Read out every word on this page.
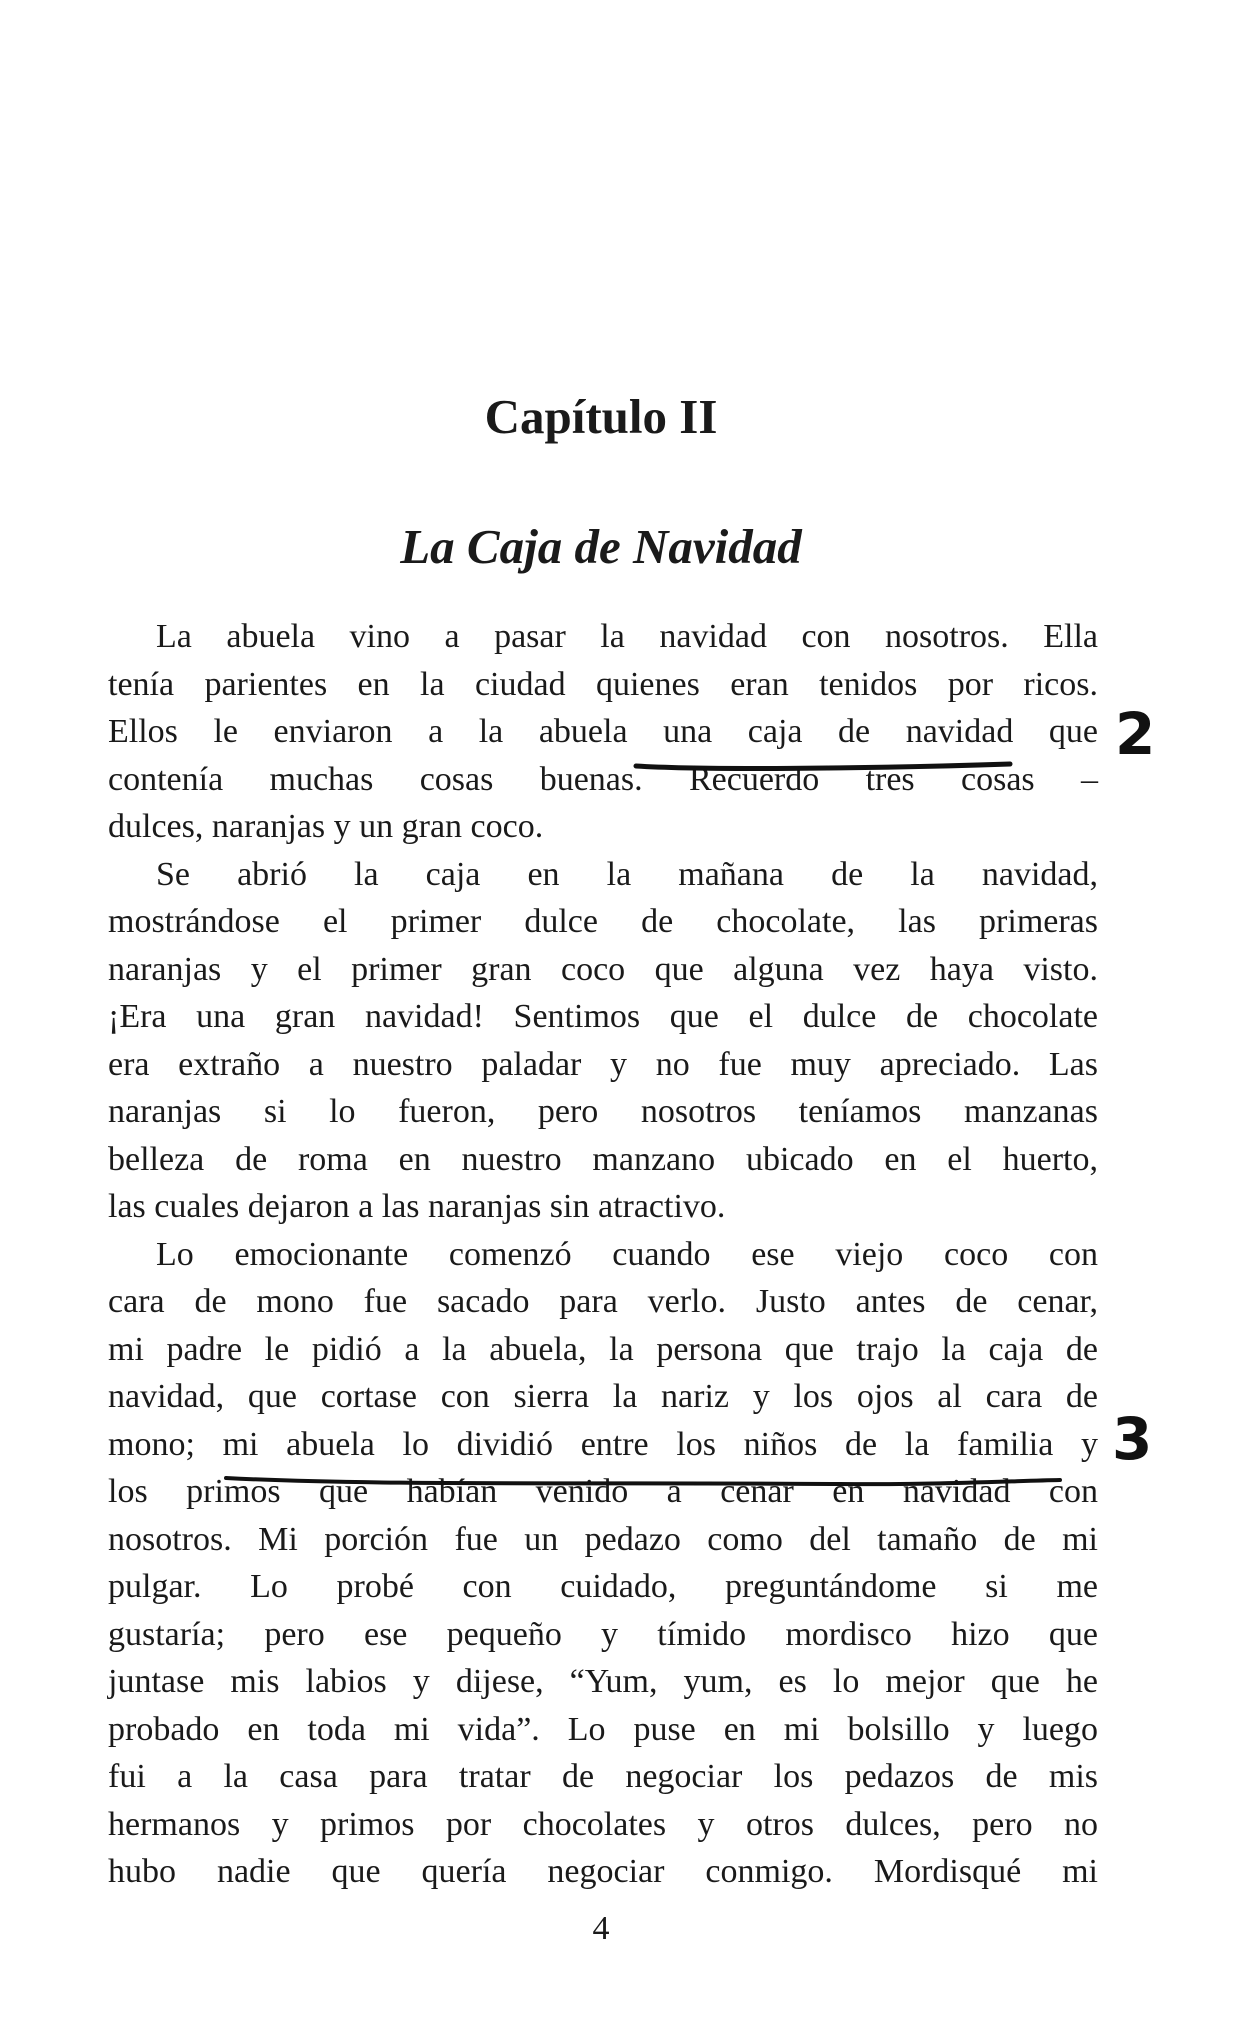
Capítulo II
La Caja de Navidad
La abuela vino a pasar la navidad con nosotros. Ella
tenía parientes en la ciudad quienes eran tenidos por ricos.
Ellos le enviaron a la abuela una caja de navidad que
contenía muchas cosas buenas. Recuerdo tres cosas –
dulces, naranjas y un gran coco.
Se abrió la caja en la mañana de la navidad,
mostrándose el primer dulce de chocolate, las primeras
naranjas y el primer gran coco que alguna vez haya visto.
¡Era una gran navidad! Sentimos que el dulce de chocolate
era extraño a nuestro paladar y no fue muy apreciado. Las
naranjas si lo fueron, pero nosotros teníamos manzanas
belleza de roma en nuestro manzano ubicado en el huerto,
las cuales dejaron a las naranjas sin atractivo.
Lo emocionante comenzó cuando ese viejo coco con
cara de mono fue sacado para verlo. Justo antes de cenar,
mi padre le pidió a la abuela, la persona que trajo la caja de
navidad, que cortase con sierra la nariz y los ojos al cara de
mono; mi abuela lo dividió entre los niños de la familia y
los primos que habían venido a cenar en navidad con
nosotros. Mi porción fue un pedazo como del tamaño de mi
pulgar. Lo probé con cuidado, preguntándome si me
gustaría; pero ese pequeño y tímido mordisco hizo que
juntase mis labios y dijese, “Yum, yum, es lo mejor que he
probado en toda mi vida”. Lo puse en mi bolsillo y luego
fui a la casa para tratar de negociar los pedazos de mis
hermanos y primos por chocolates y otros dulces, pero no
hubo nadie que quería negociar conmigo. Mordisqué mi
2
3
4
